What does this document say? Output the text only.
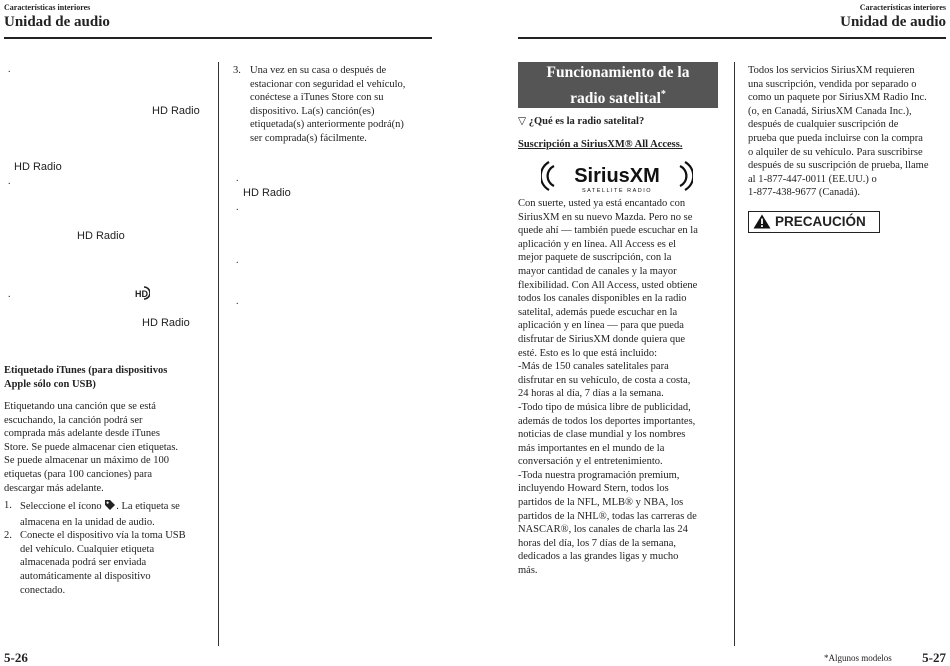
Características interiores
Unidad de audio
.
HD Radio
HD Radio
.
HD Radio
.	HD
HD Radio
Etiquetado iTunes (para dispositivos
Apple sólo con USB)
Etiquetando una canción que se está
escuchando, la canción podrá ser
comprada más adelante desde iTunes
Store. Se puede almacenar cien etiquetas.
Se puede almacenar un máximo de 100
etiquetas (para 100 canciones) para
descargar más adelante.
1. Seleccione el ícono . La etiqueta se
almacena en la unidad de audio.
2. Conecte el dispositivo vía la toma USB
del vehículo. Cualquier etiqueta
almacenada podrá ser enviada
automáticamente al dispositivo
conectado.
3. Una vez en su casa o después de
estacionar con seguridad el vehículo,
conéctese a iTunes Store con su
dispositivo. La(s) canción(es)
etiquetada(s) anteriormente podrá(n)
ser comprada(s) fácilmente.
.
HD Radio
.
.
.
5-26
Características interiores
Unidad de audio
Funcionamiento de la
radio satelital*
▽ ¿Qué es la radio satelital?
Suscripción a SiriusXM® All Access.
SiriusXM
SATELLITE RADIO
Con suerte, usted ya está encantado con
SiriusXM en su nuevo Mazda. Pero no se
quede ahí — también puede escuchar en la
aplicación y en línea. All Access es el
mejor paquete de suscripción, con la
mayor cantidad de canales y la mayor
flexibilidad. Con All Access, usted obtiene
todos los canales disponibles en la radio
satelital, además puede escuchar en la
aplicación y en línea — para que pueda
disfrutar de SiriusXM donde quiera que
esté. Esto es lo que está incluido:
-Más de 150 canales satelitales para
disfrutar en su vehículo, de costa a costa,
24 horas al día, 7 días a la semana.
-Todo tipo de música libre de publicidad,
además de todos los deportes importantes,
noticias de clase mundial y los nombres
más importantes en el mundo de la
conversación y el entretenimiento.
-Toda nuestra programación premium,
incluyendo Howard Stern, todos los
partidos de la NFL, MLB® y NBA, los
partidos de la NHL®, todas las carreras de
NASCAR®, los canales de charla las 24
horas del día, los 7 días de la semana,
dedicados a las grandes ligas y mucho
más.
Todos los servicios SiriusXM requieren
una suscripción, vendida por separado o
como un paquete por SiriusXM Radio Inc.
(o, en Canadá, SiriusXM Canada Inc.),
después de cualquier suscripción de
prueba que pueda incluirse con la compra
o alquiler de su vehículo. Para suscribirse
después de su suscripción de prueba, llame
al 1-877-447-0011 (EE.UU.) o
1-877-438-9677 (Canadá).
PRECAUCIÓN
*Algunos modelos 5-27
